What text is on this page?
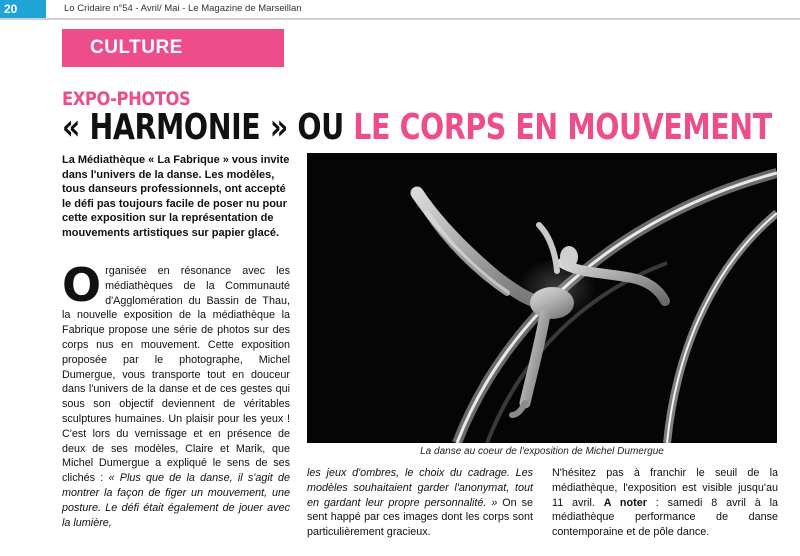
20	Lo Cridaire n°54 - Avril/ Mai - Le Magazine de Marseillan
CULTURE
EXPO-PHOTOS
« HARMONIE » OU LE CORPS EN MOUVEMENT
La Médiathèque « La Fabrique » vous invite dans l'univers de la danse. Les modèles, tous danseurs professionnels, ont accepté le défi pas toujours facile de poser nu pour cette exposition sur la représentation de mouvements artistiques sur papier glacé.
Organisée en résonance avec les médiathèques de la Communauté d'Agglomération du Bassin de Thau, la nouvelle exposition de la médiathèque la Fabrique propose une série de photos sur des corps nus en mouvement. Cette exposition proposée par le photographe, Michel Dumergue, vous transporte tout en douceur dans l'univers de la danse et de ces gestes qui sous son objectif deviennent de véritables sculptures humaines. Un plaisir pour les yeux ! C'est lors du vernissage et en présence de deux de ses modèles, Claire et Marik, que Michel Dumergue a expliqué le sens de ses clichés : « Plus que de la danse, il s'agit de montrer la façon de figer un mouvement, une posture. Le défi était également de jouer avec la lumière,
La danse au coeur de l'exposition de Michel Dumergue
les jeux d'ombres, le choix du cadrage. Les modèles souhaitaient garder l'anonymat, tout en gardant leur propre personnalité. » On se sent happé par ces images dont les corps sont particulièrement gracieux.
N'hésitez pas à franchir le seuil de la médiathèque, l'exposition est visible jusqu'au 11 avril. A noter : samedi 8 avril à la médiathèque performance de danse contemporaine et de pôle dance.
